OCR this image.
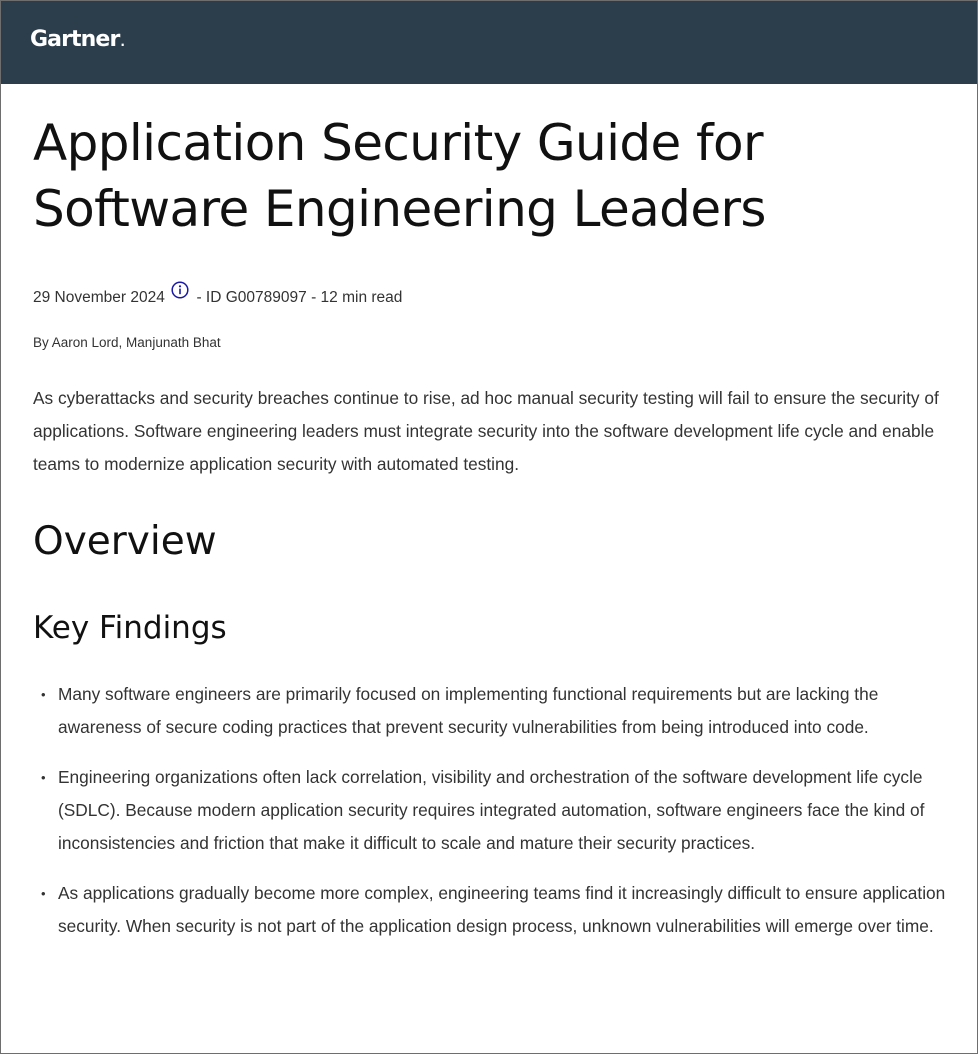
Gartner.
Application Security Guide for Software Engineering Leaders
29 November 2024 - ID G00789097 - 12 min read
By Aaron Lord, Manjunath Bhat

As cyberattacks and security breaches continue to rise, ad hoc manual security testing will fail to ensure the security of applications. Software engineering leaders must integrate security into the software development life cycle and enable teams to modernize application security with automated testing.

Overview
Key Findings
• Many software engineers are primarily focused on implementing functional requirements but are lacking the awareness of secure coding practices that prevent security vulnerabilities from being introduced into code.
• Engineering organizations often lack correlation, visibility and orchestration of the software development life cycle (SDLC). Because modern application security requires integrated automation, software engineers face the kind of inconsistencies and friction that make it difficult to scale and mature their security practices.
• As applications gradually become more complex, engineering teams find it increasingly difficult to ensure application security. When security is not part of the application design process, unknown vulnerabilities will emerge over time.
